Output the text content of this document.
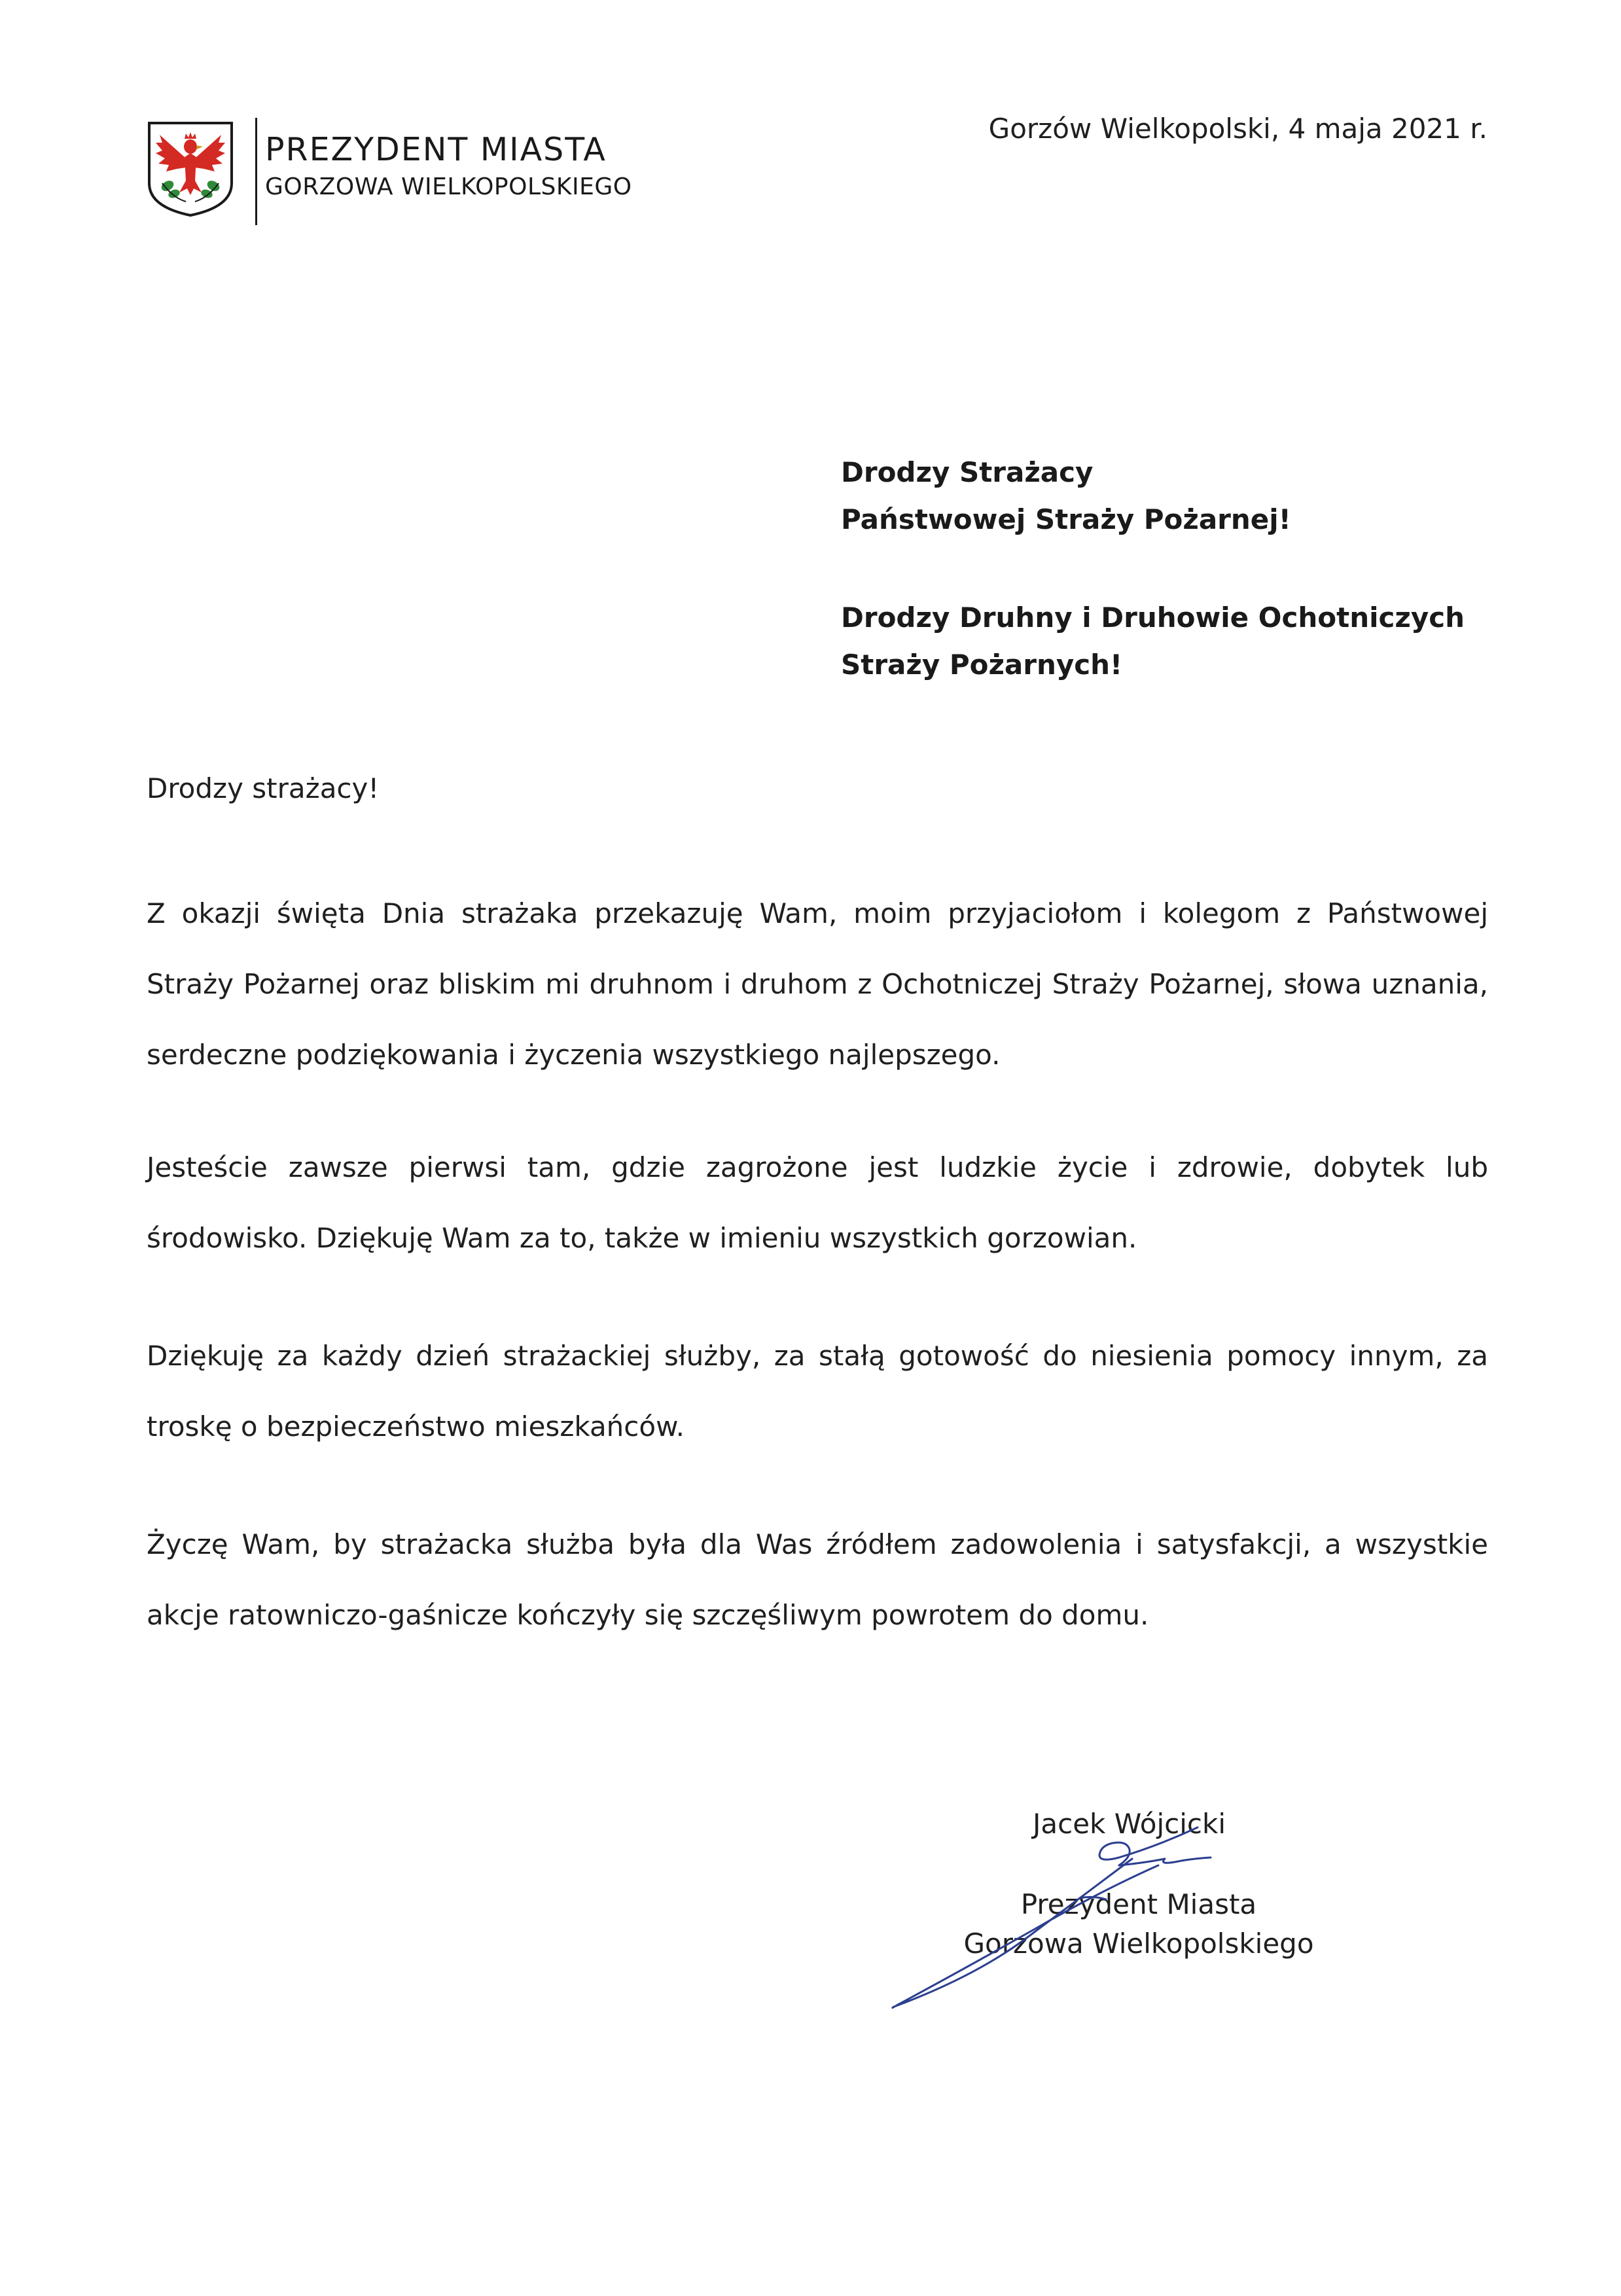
PREZYDENT MIASTA
GORZOWA WIELKOPOLSKIEGO
Gorzów Wielkopolski, 4 maja 2021 r.
Drodzy Strażacy
Państwowej Straży Pożarnej!
Drodzy Druhny i Druhowie Ochotniczych
Straży Pożarnych!
Drodzy strażacy!

Z okazji święta Dnia strażaka przekazuję Wam, moim przyjaciołom i kolegom z Państwowej Straży Pożarnej oraz bliskim mi druhnom i druhom z Ochotniczej Straży Pożarnej, słowa uznania, serdeczne podziękowania i życzenia wszystkiego najlepszego.

Jesteście zawsze pierwsi tam, gdzie zagrożone jest ludzkie życie i zdrowie, dobytek lub środowisko. Dziękuję Wam za to, także w imieniu wszystkich gorzowian.

Dziękuję za każdy dzień strażackiej służby, za stałą gotowość do niesienia pomocy innym, za troskę o bezpieczeństwo mieszkańców.

Życzę Wam, by strażacka służba była dla Was źródłem zadowolenia i satysfakcji, a wszystkie akcje ratowniczo-gaśnicze kończyły się szczęśliwym powrotem do domu.

Jacek Wójcicki
Prezydent Miasta
Gorzowa Wielkopolskiego
